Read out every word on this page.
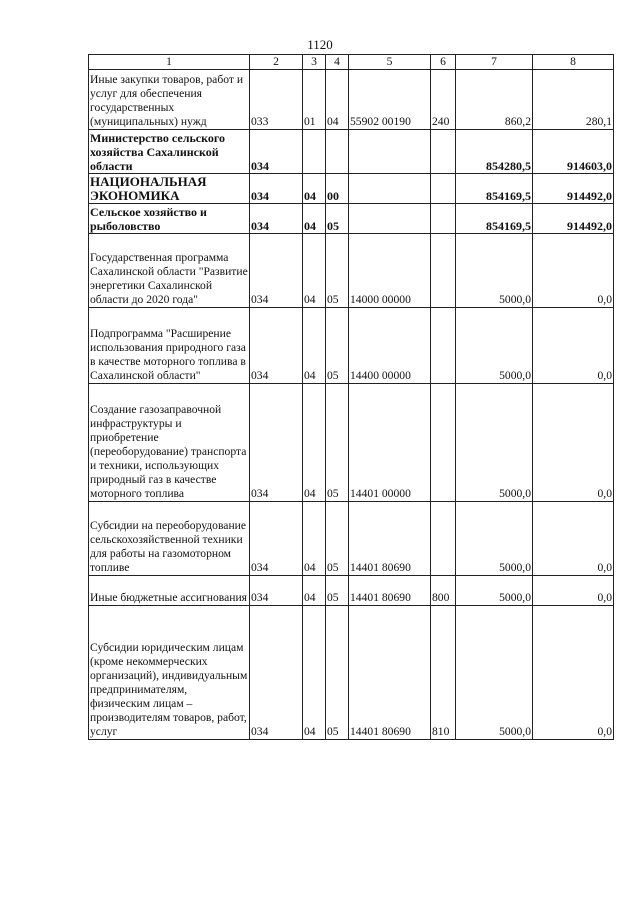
1120
1	2	3	4	5	6	7	8
Иные закупки товаров, работ и услуг для обеспечения государственных (муниципальных) нужд	033	01	04	55902 00190	240	860,2	280,1
Министерство сельского хозяйства Сахалинской области	034					854280,5	914603,0
НАЦИОНАЛЬНАЯ ЭКОНОМИКА	034	04	00			854169,5	914492,0
Сельское хозяйство и рыболовство	034	04	05			854169,5	914492,0
Государственная программа Сахалинской области "Развитие энергетики Сахалинской области до 2020 года"	034	04	05	14000 00000		5000,0	0,0
Подпрограмма "Расширение использования природного газа в качестве моторного топлива в Сахалинской области"	034	04	05	14400 00000		5000,0	0,0
Создание газозаправочной инфраструктуры и приобретение (переоборудование) транспорта и техники, использующих природный газ в качестве моторного топлива	034	04	05	14401 00000		5000,0	0,0
Субсидии на переоборудование сельскохозяйственной техники для работы на газомоторном топливе	034	04	05	14401 80690		5000,0	0,0
Иные бюджетные ассигнования	034	04	05	14401 80690	800	5000,0	0,0
Субсидии юридическим лицам (кроме некоммерческих организаций), индивидуальным предпринимателям, физическим лицам – производителям товаров, работ, услуг	034	04	05	14401 80690	810	5000,0	0,0
